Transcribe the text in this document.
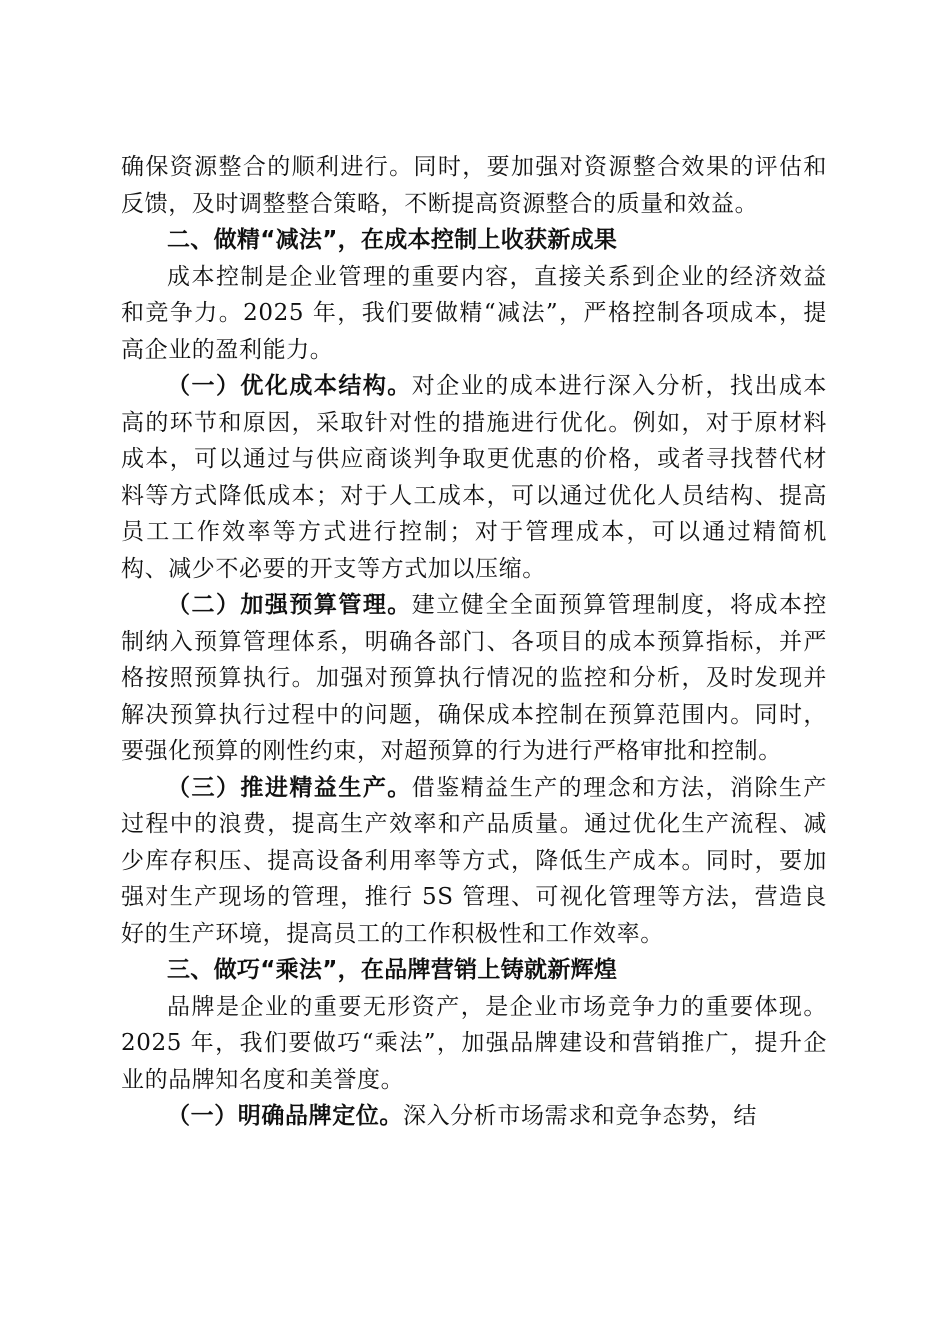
确保资源整合的顺利进行。同时，要加强对资源整合效果的评估和反馈，及时调整整合策略，不断提高资源整合的质量和效益。

二、做精“减法”，在成本控制上收获新成果

成本控制是企业管理的重要内容，直接关系到企业的经济效益和竞争力。2025 年，我们要做精“减法”，严格控制各项成本，提高企业的盈利能力。

（一）优化成本结构。对企业的成本进行深入分析，找出成本高的环节和原因，采取针对性的措施进行优化。例如，对于原材料成本，可以通过与供应商谈判争取更优惠的价格，或者寻找替代材料等方式降低成本；对于人工成本，可以通过优化人员结构、提高员工工作效率等方式进行控制；对于管理成本，可以通过精简机构、减少不必要的开支等方式加以压缩。

（二）加强预算管理。建立健全全面预算管理制度，将成本控制纳入预算管理体系，明确各部门、各项目的成本预算指标，并严格按照预算执行。加强对预算执行情况的监控和分析，及时发现并解决预算执行过程中的问题，确保成本控制在预算范围内。同时，要强化预算的刚性约束，对超预算的行为进行严格审批和控制。

（三）推进精益生产。借鉴精益生产的理念和方法，消除生产过程中的浪费，提高生产效率和产品质量。通过优化生产流程、减少库存积压、提高设备利用率等方式，降低生产成本。同时，要加强对生产现场的管理，推行 5S 管理、可视化管理等方法，营造良好的生产环境，提高员工的工作积极性和工作效率。

三、做巧“乘法”，在品牌营销上铸就新辉煌

品牌是企业的重要无形资产，是企业市场竞争力的重要体现。2025 年，我们要做巧“乘法”，加强品牌建设和营销推广，提升企业的品牌知名度和美誉度。

（一）明确品牌定位。深入分析市场需求和竞争态势，结
